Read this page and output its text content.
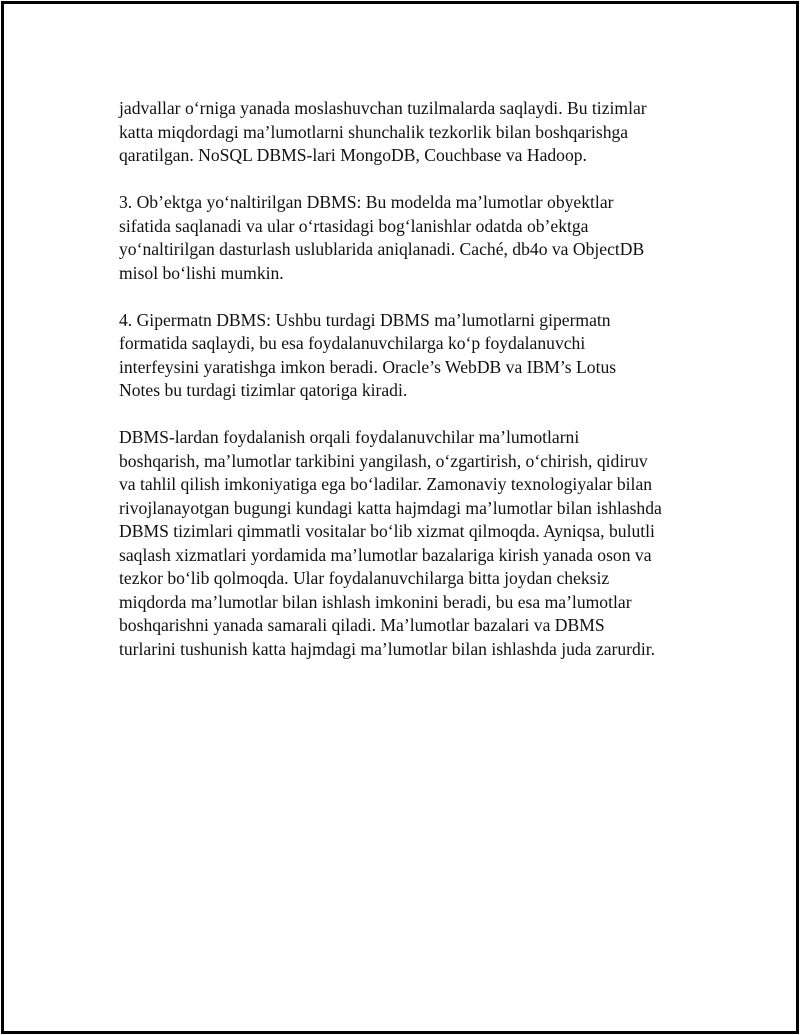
jadvallar oʻrniga yanada moslashuvchan tuzilmalarda saqlaydi. Bu tizimlar
katta miqdordagi maʼlumotlarni shunchalik tezkorlik bilan boshqarishga
qaratilgan. NoSQL DBMS-lari MongoDB, Couchbase va Hadoop.

3. Obʼektga yoʻnaltirilgan DBMS: Bu modelda maʼlumotlar obyektlar
sifatida saqlanadi va ular oʻrtasidagi bogʻlanishlar odatda obʼektga
yoʻnaltirilgan dasturlash uslublarida aniqlanadi. Caché, db4o va ObjectDB
misol boʻlishi mumkin.

4. Gipermatn DBMS: Ushbu turdagi DBMS maʼlumotlarni gipermatn
formatida saqlaydi, bu esa foydalanuvchilarga koʻp foydalanuvchi
interfeysini yaratishga imkon beradi. Oracle’s WebDB va IBM’s Lotus
Notes bu turdagi tizimlar qatoriga kiradi.

DBMS-lardan foydalanish orqali foydalanuvchilar maʼlumotlarni
boshqarish, maʼlumotlar tarkibini yangilash, oʻzgartirish, oʻchirish, qidiruv
va tahlil qilish imkoniyatiga ega boʻladilar. Zamonaviy texnologiyalar bilan
rivojlanayotgan bugungi kundagi katta hajmdagi maʼlumotlar bilan ishlashda
DBMS tizimlari qimmatli vositalar boʻlib xizmat qilmoqda. Ayniqsa, bulutli
saqlash xizmatlari yordamida maʼlumotlar bazalariga kirish yanada oson va
tezkor boʻlib qolmoqda. Ular foydalanuvchilarga bitta joydan cheksiz
miqdorda maʼlumotlar bilan ishlash imkonini beradi, bu esa maʼlumotlar
boshqarishni yanada samarali qiladi. Maʼlumotlar bazalari va DBMS
turlarini tushunish katta hajmdagi maʼlumotlar bilan ishlashda juda zarurdir.
